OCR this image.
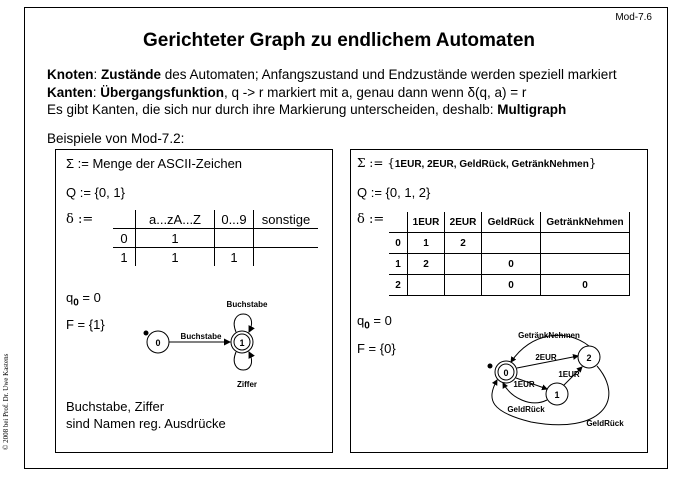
Mod-7.6
Gerichteter Graph zu endlichem Automaten
Knoten: Zustände des Automaten; Anfangszustand und Endzustände werden speziell markiert
Kanten: Übergangsfunktion, q -> r markiert mit a, genau dann wenn δ(q, a) = r
Es gibt Kanten, die sich nur durch ihre Markierung unterscheiden, deshalb: Multigraph
Beispiele von Mod-7.2:
Σ := Menge der ASCII-Zeichen
Q := {0, 1}
δ :=
		a...zA...Z	0...9	sonstige
0	1		
1	1	1	
$q_0 = 0$
F = {1}
0	1
Buchstabe
Buchstabe
Ziffer
Buchstabe, Ziffer
sind Namen reg. Ausdrücke
Σ := {1EUR, 2EUR, GeldRück, GetränkNehmen}
Q := {0, 1, 2}
δ :=
		1EUR	2EUR	GeldRück	GetränkNehmen
0	1	2		
1	2		0	
2			0	0
$q_0 = 0$
F = {0}
0
1
2
GetränkNehmen
2EUR
1EUR
1EUR
GeldRück
GeldRück
© 2008 bei Prof. Dr. Uwe Kastens
